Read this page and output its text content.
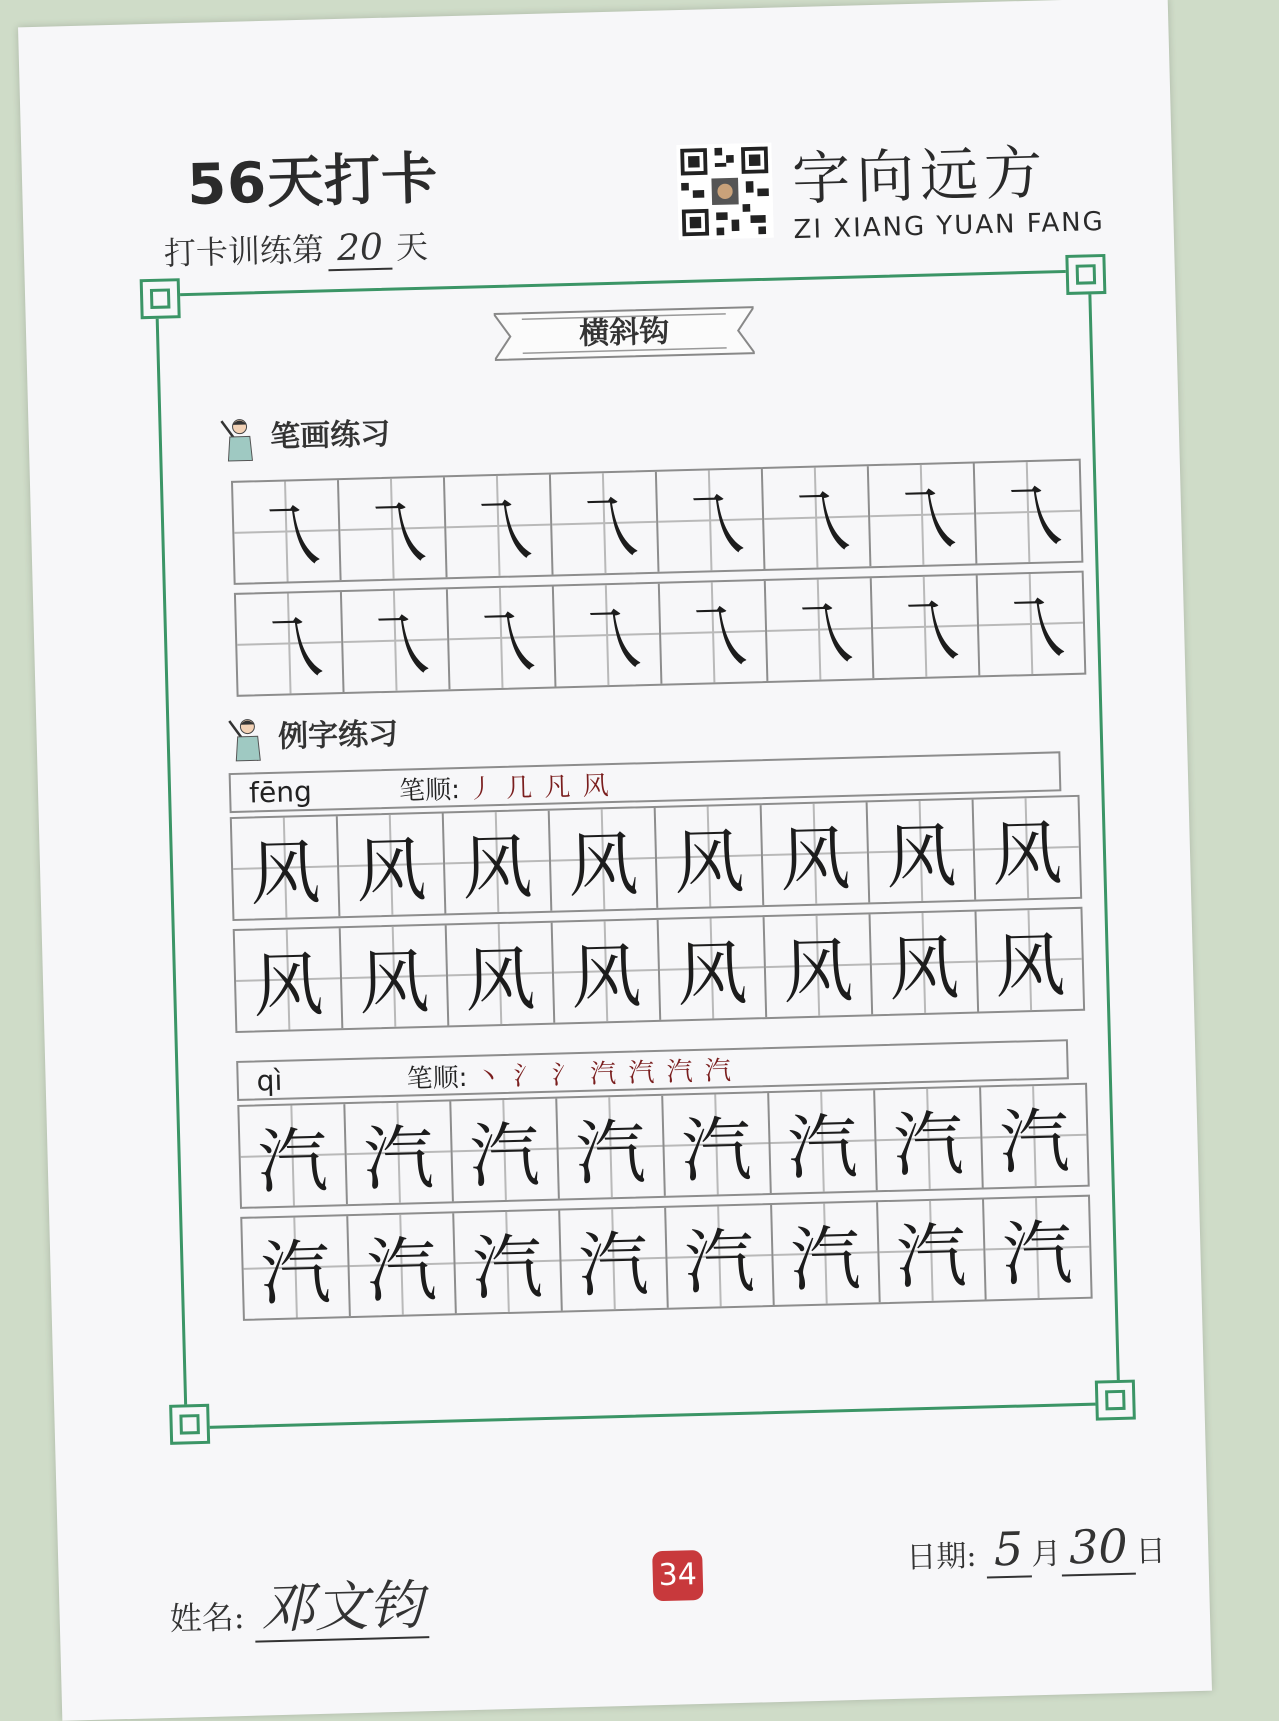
56天打卡
打卡训练第 20 天
字向远方
ZI XIANG YUAN FANG
横斜钩
笔画练习
乁 乁 乁 乁 乁 乁 乁 乁
乁 乁 乁 乁 乁 乁 乁 乁
例字练习
fēng	笔顺: 丿 几 凡 风
风 风 风 风 风 风 风 风
风 风 风 风 风 风 风 风
qì	笔顺: 丶 氵 氵 汽 汽 汽 汽
汽 汽 汽 汽 汽 汽 汽 汽
汽 汽 汽 汽 汽 汽 汽 汽
姓名: 邓文钧	34	日期: 5 月 30 日
